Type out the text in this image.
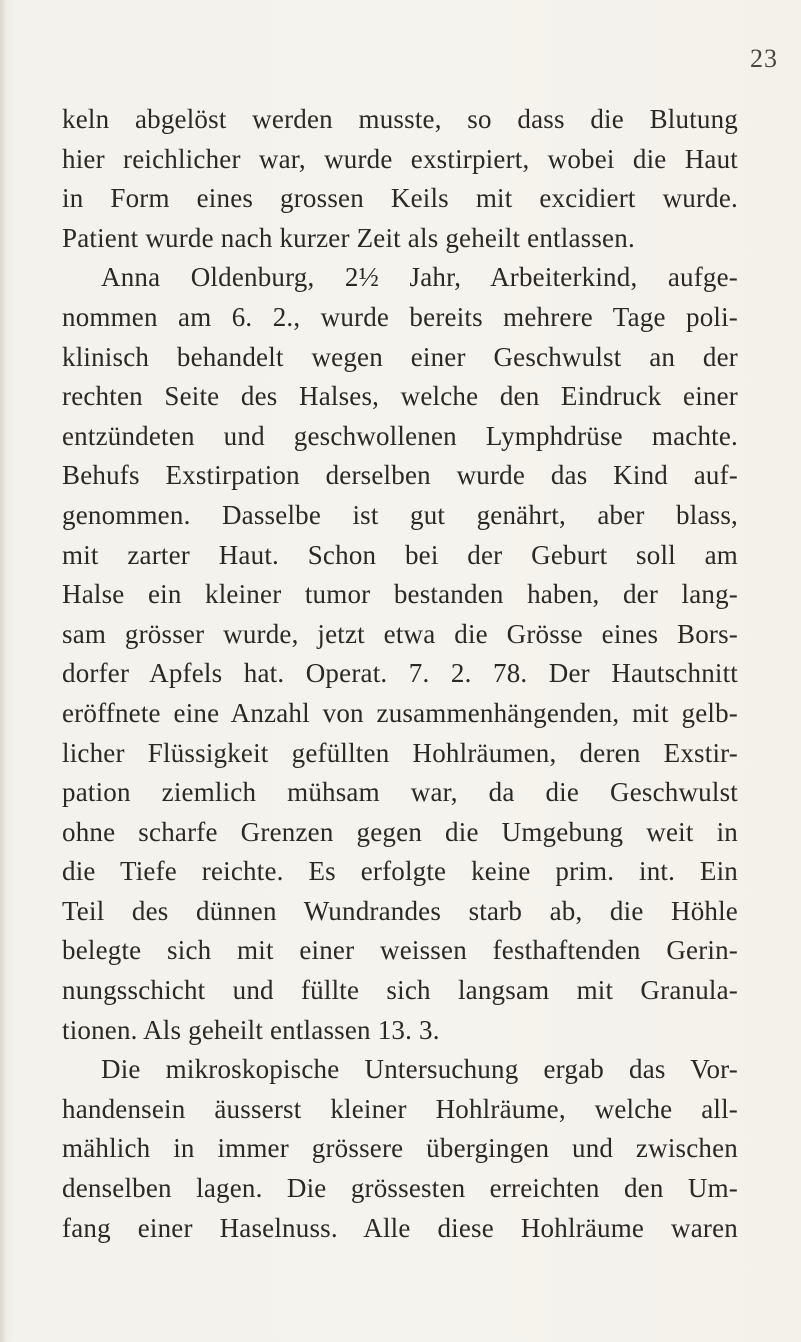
23
keln abgelöst werden musste, so dass die Blutung
hier reichlicher war, wurde exstirpiert, wobei die Haut
in Form eines grossen Keils mit excidiert wurde.
Patient wurde nach kurzer Zeit als geheilt entlassen.
Anna Oldenburg, 2½ Jahr, Arbeiterkind, aufge-
nommen am 6. 2., wurde bereits mehrere Tage poli-
klinisch behandelt wegen einer Geschwulst an der
rechten Seite des Halses, welche den Eindruck einer
entzündeten und geschwollenen Lymphdrüse machte.
Behufs Exstirpation derselben wurde das Kind auf-
genommen. Dasselbe ist gut genährt, aber blass,
mit zarter Haut. Schon bei der Geburt soll am
Halse ein kleiner tumor bestanden haben, der lang-
sam grösser wurde, jetzt etwa die Grösse eines Bors-
dorfer Apfels hat. Operat. 7. 2. 78. Der Hautschnitt
eröffnete eine Anzahl von zusammenhängenden, mit gelb-
licher Flüssigkeit gefüllten Hohlräumen, deren Exstir-
pation ziemlich mühsam war, da die Geschwulst
ohne scharfe Grenzen gegen die Umgebung weit in
die Tiefe reichte. Es erfolgte keine prim. int. Ein
Teil des dünnen Wundrandes starb ab, die Höhle
belegte sich mit einer weissen festhaftenden Gerin-
nungsschicht und füllte sich langsam mit Granula-
tionen. Als geheilt entlassen 13. 3.
Die mikroskopische Untersuchung ergab das Vor-
handensein äusserst kleiner Hohlräume, welche all-
mählich in immer grössere übergingen und zwischen
denselben lagen. Die grössesten erreichten den Um-
fang einer Haselnuss. Alle diese Hohlräume waren
